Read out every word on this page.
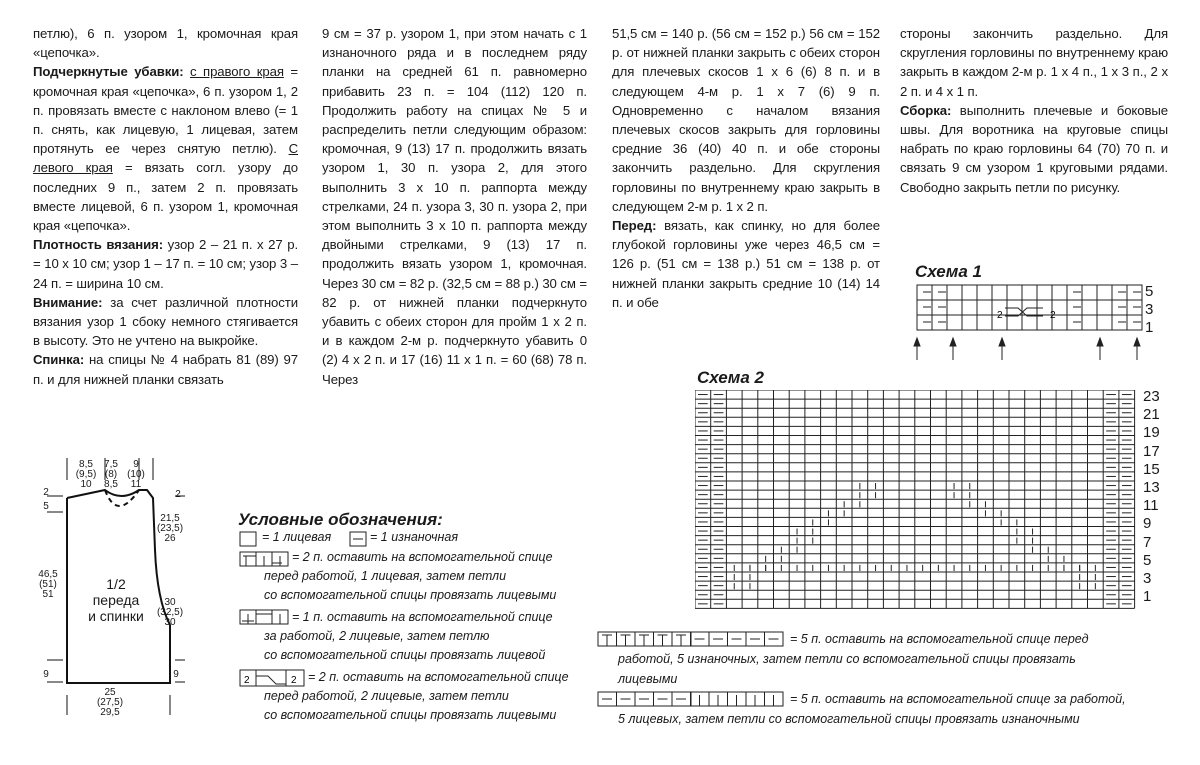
петлю), 6 п. узором 1, кромочная края «цепочка».

Подчеркнутые убавки: с правого края = кромочная края «цепочка», 6 п. узором 1, 2 п. провязать вместе с наклоном влево (= 1 п. снять, как лицевую, 1 лицевая, затем протянуть ее через снятую петлю). С левого края = вязать согл. узору до последних 9 п., затем 2 п. провязать вместе лицевой, 6 п. узором 1, кромочная края «цепочка».

Плотность вязания: узор 2 – 21 п. х 27 р. = 10 х 10 см; узор 1 – 17 п. = 10 см; узор 3 – 24 п. = ширина 10 см.

Внимание: за счет различной плотности вязания узор 1 сбоку немного стягивается в высоту. Это не учтено на выкройке.

Спинка: на спицы № 4 набрать 81 (89) 97 п. и для нижней планки связать

9 см = 37 р. узором 1, при этом начать с 1 изнаночного ряда и в последнем ряду планки на средней 61 п. равномерно прибавить 23 п. = 104 (112) 120 п. Продолжить работу на спицах № 5 и распределить петли следующим образом: кромочная, 9 (13) 17 п. продолжить вязать узором 1, 30 п. узора 2, для этого выполнить 3 х 10 п. раппорта между стрелками, 24 п. узора 3, 30 п. узора 2, при этом выполнить 3 х 10 п. раппорта между двойными стрелками, 9 (13) 17 п. продолжить вязать узором 1, кромочная. Через 30 см = 82 р. (32,5 см = 88 р.) 30 см = 82 р. от нижней планки подчеркнуто убавить с обеих сторон для пройм 1 х 2 п. и в каждом 2-м р. подчеркнуто убавить 0 (2) 4 х 2 п. и 17 (16) 11 х 1 п. = 60 (68) 78 п. Через

51,5 см = 140 р. (56 см = 152 р.) 56 см = 152 р. от нижней планки закрыть с обеих сторон для плечевых скосов 1 х 6 (6) 8 п. и в следующем 4-м р. 1 х 7 (6) 9 п. Одновременно с началом вязания плечевых скосов закрыть для горловины средние 36 (40) 40 п. и обе стороны закончить раздельно. Для скругления горловины по внутреннему краю закрыть в следующем 2-м р. 1 х 2 п.

Перед: вязать, как спинку, но для более глубокой горловины уже через 46,5 см = 126 р. (51 см = 138 р.) 51 см = 138 р. от нижней планки закрыть средние 10 (14) 14 п. и обе

стороны закончить раздельно. Для скругления горловины по внутреннему краю закрыть в каждом 2-м р. 1 х 4 п., 1 х 3 п., 2 х 2 п. и 4 х 1 п.

Сборка: выполнить плечевые и боковые швы. Для воротника на круговые спицы набрать по краю горловины 64 (70) 70 п. и связать 9 см узором 1 круговыми рядами. Свободно закрыть петли по рисунку.

Схема 1
2	2
5
3
1
Схема 2
23
21
19
17
15
13
11
9
7
5
3
1
8,5
(9,5)
10
7,5
(8)
8,5
9
(10)
11
2
5
2
21,5
(23,5)
26
46,5
(51)
51
30
(32,5)
30
1/2
переда
и спинки
9	9
25
(27,5)
29,5
Условные обозначения:
2	2
= 1 лицевая	= 1 изнаночная
= 2 п. оставить на вспомогательной спице
перед работой, 1 лицевая, затем петли
со вспомогательной спицы провязать лицевыми
= 1 п. оставить на вспомогательной спице
за работой, 2 лицевые, затем петлю
со вспомогательной спицы провязать лицевой
= 2 п. оставить на вспомогательной спице
перед работой, 2 лицевые, затем петли
со вспомогательной спицы провязать лицевыми
= 5 п. оставить на вспомогательной спице перед
работой, 5 изнаночных, затем петли со вспомогательной спицы провязать
лицевыми
= 5 п. оставить на вспомогательной спице за работой,
5 лицевых, затем петли со вспомогательной спицы провязать изнаночными
